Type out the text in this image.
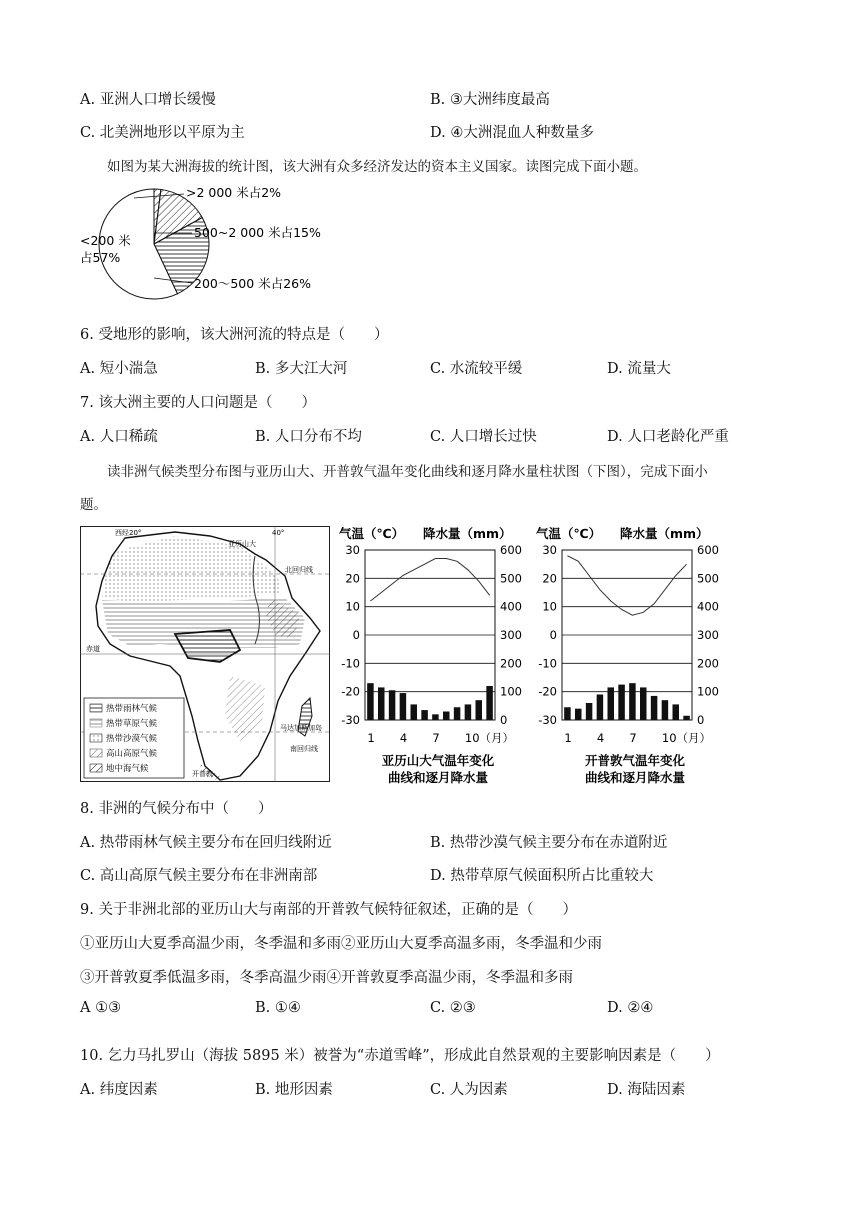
A. 亚洲人口增长缓慢	B. ③大洲纬度最高
C. 北美洲地形以平原为主	D. ④大洲混血人种数量多
如图为某大洲海拔的统计图，该大洲有众多经济发达的资本主义国家。读图完成下面小题。
>2 000 米占2%
500~2 000 米占15%
<200 米
占57%
200～500 米占26%
6. 受地形的影响，该大洲河流的特点是（　　）
A. 短小湍急	B. 多大江大河	C. 水流较平缓	D. 流量大
7. 该大洲主要的人口问题是（　　）
A. 人口稀疏	B. 人口分布不均	C. 人口增长过快	D. 人口老龄化严重
读非洲气候类型分布图与亚历山大、开普敦气温年变化曲线和逐月降水量柱状图（下图），完成下面小
题。
西经20°	40°
亚历山大
北回归线
赤道
马达加斯加岛
南回归线
开普敦
热带雨林气候
热带草原气候
热带沙漠气候
高山高原气候
地中海气候
气温（℃） 降水量（mm）
30
20
10
0
-10
-20
-30
600
500
400
300
200
100
0
1 4 7 10（月）
亚历山大气温年变化
曲线和逐月降水量
气温（℃） 降水量（mm）
30
20
10
0
-10
-20
-30
600
500
400
300
200
100
0
1 4 7 10（月）
开普敦气温年变化
曲线和逐月降水量
8. 非洲的气候分布中（　　）
A. 热带雨林气候主要分布在回归线附近	B. 热带沙漠气候主要分布在赤道附近
C. 高山高原气候主要分布在非洲南部	D. 热带草原气候面积所占比重较大
9. 关于非洲北部的亚历山大与南部的开普敦气候特征叙述，正确的是（　　）
①亚历山大夏季高温少雨，冬季温和多雨②亚历山大夏季高温多雨，冬季温和少雨
③开普敦夏季低温多雨，冬季高温少雨④开普敦夏季高温少雨，冬季温和多雨
A ①③	B. ①④	C. ②③	D. ②④
10. 乞力马扎罗山（海拔 5895 米）被誉为“赤道雪峰”，形成此自然景观的主要影响因素是（　　）
A. 纬度因素	B. 地形因素	C. 人为因素	D. 海陆因素
